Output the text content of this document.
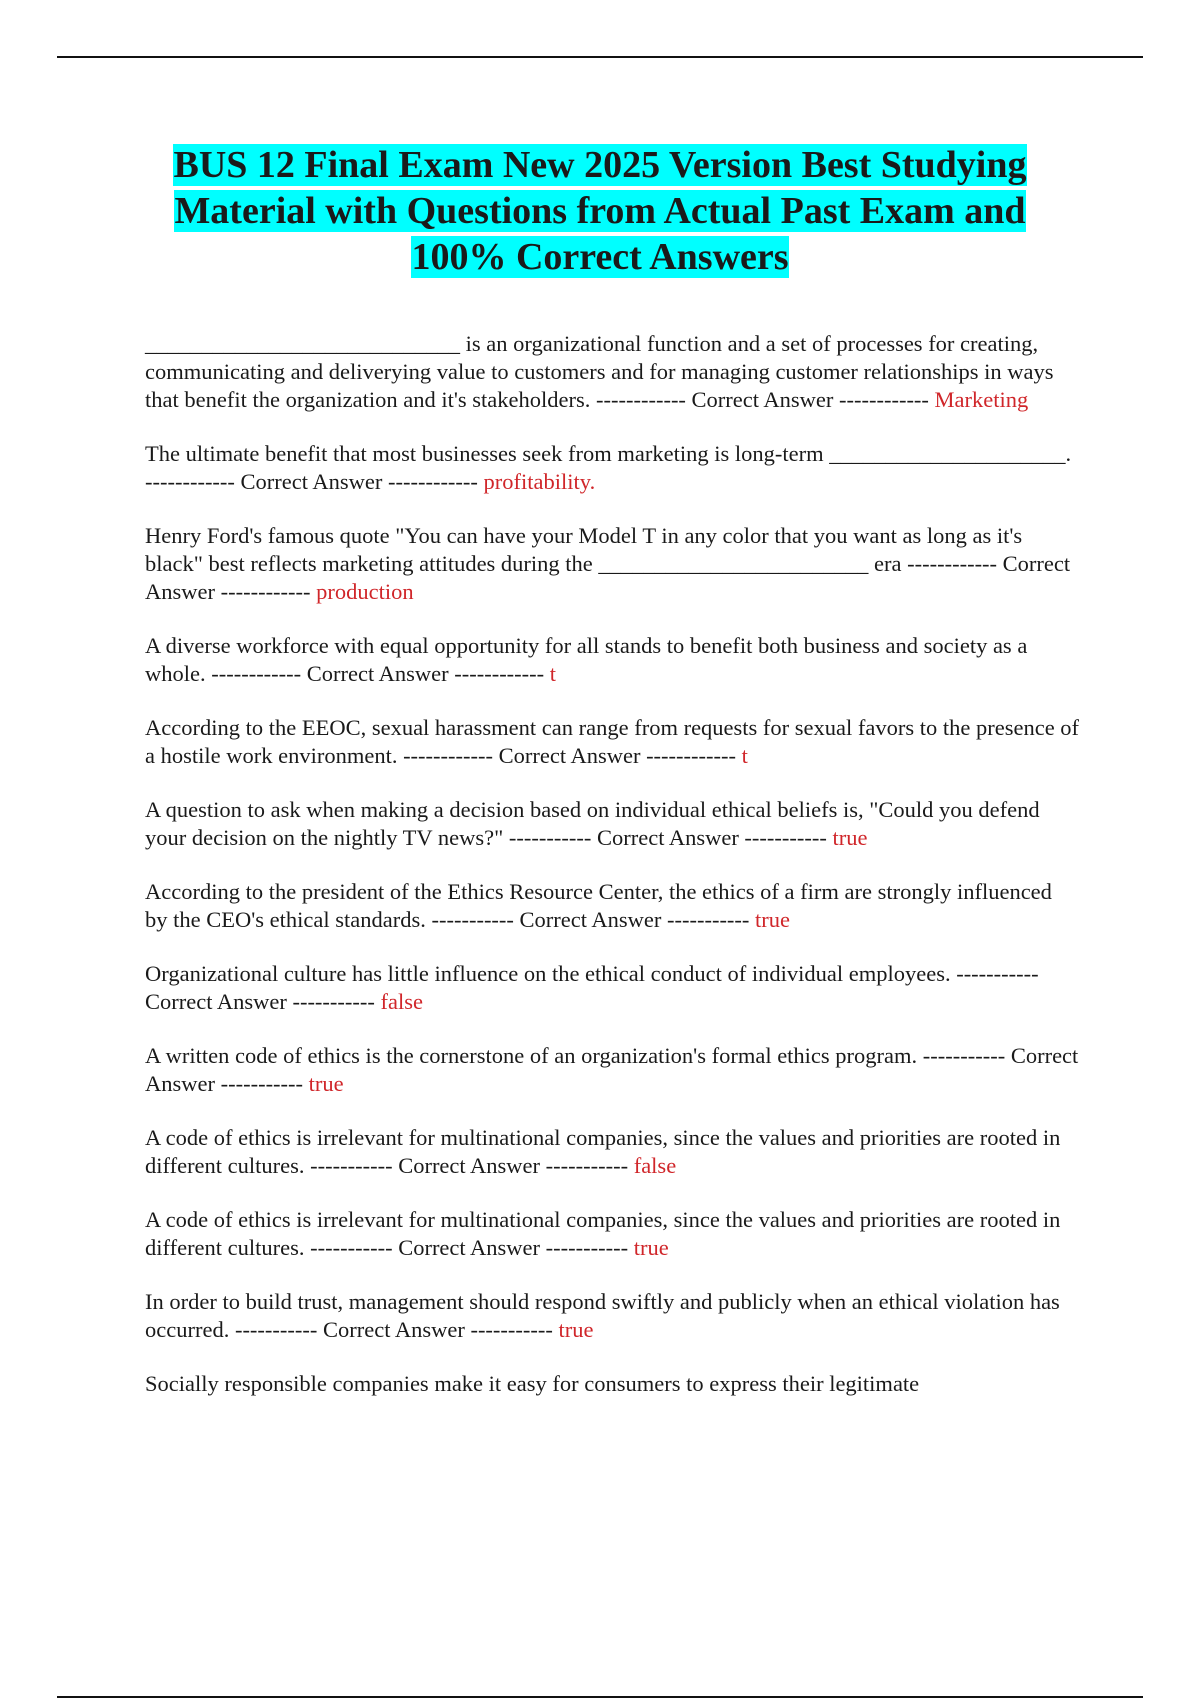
BUS 12 Final Exam New 2025 Version Best Studying Material with Questions from Actual Past Exam and 100% Correct Answers

____________________________ is an organizational function and a set of processes for creating, communicating and deliverying value to customers and for managing customer relationships in ways that benefit the organization and it's stakeholders. ------------ Correct Answer ------------ Marketing

The ultimate benefit that most businesses seek from marketing is long-term _____________________. ------------ Correct Answer ------------ profitability.

Henry Ford's famous quote "You can have your Model T in any color that you want as long as it's black" best reflects marketing attitudes during the ________________________ era ------------ Correct Answer ------------ production

A diverse workforce with equal opportunity for all stands to benefit both business and society as a whole. ------------ Correct Answer ------------ t

According to the EEOC, sexual harassment can range from requests for sexual favors to the presence of a hostile work environment. ------------ Correct Answer ------------ t

A question to ask when making a decision based on individual ethical beliefs is, "Could you defend your decision on the nightly TV news?" ----------- Correct Answer ----------- true

According to the president of the Ethics Resource Center, the ethics of a firm are strongly influenced by the CEO's ethical standards. ----------- Correct Answer ----------- true

Organizational culture has little influence on the ethical conduct of individual employees. ----------- Correct Answer ----------- false

A written code of ethics is the cornerstone of an organization's formal ethics program. ----------- Correct Answer ----------- true

A code of ethics is irrelevant for multinational companies, since the values and priorities are rooted in different cultures. ----------- Correct Answer ----------- false

A code of ethics is irrelevant for multinational companies, since the values and priorities are rooted in different cultures. ----------- Correct Answer ----------- true

In order to build trust, management should respond swiftly and publicly when an ethical violation has occurred. ----------- Correct Answer ----------- true

Socially responsible companies make it easy for consumers to express their legitimate
